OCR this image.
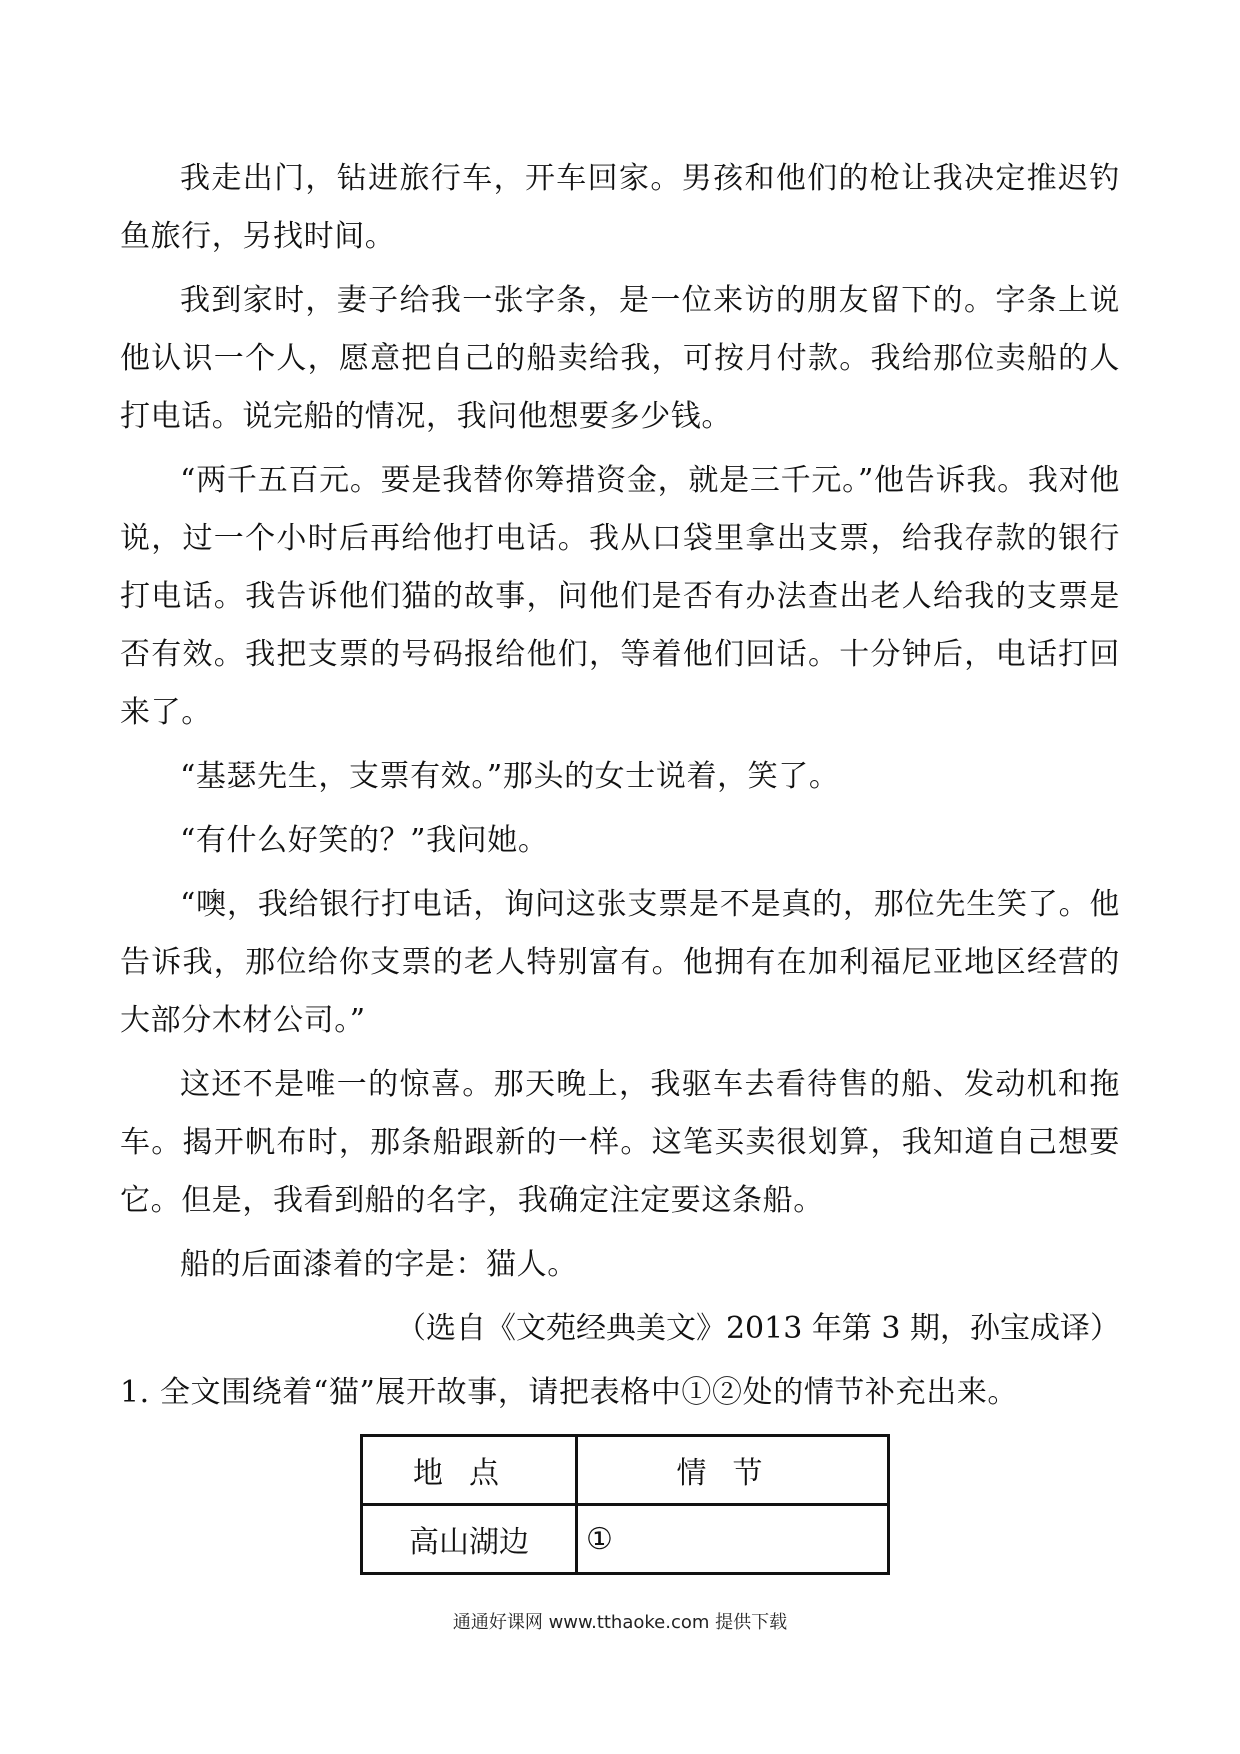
我走出门，钻进旅行车，开车回家。男孩和他们的枪让我决定推迟钓鱼旅行，另找时间。

我到家时，妻子给我一张字条，是一位来访的朋友留下的。字条上说他认识一个人，愿意把自己的船卖给我，可按月付款。我给那位卖船的人打电话。说完船的情况，我问他想要多少钱。

“两千五百元。要是我替你筹措资金，就是三千元。”他告诉我。我对他说，过一个小时后再给他打电话。我从口袋里拿出支票，给我存款的银行打电话。我告诉他们猫的故事，问他们是否有办法查出老人给我的支票是否有效。我把支票的号码报给他们，等着他们回话。十分钟后，电话打回来了。

“基瑟先生，支票有效。”那头的女士说着，笑了。

“有什么好笑的？”我问她。

“噢，我给银行打电话，询问这张支票是不是真的，那位先生笑了。他告诉我，那位给你支票的老人特别富有。他拥有在加利福尼亚地区经营的大部分木材公司。”

这还不是唯一的惊喜。那天晚上，我驱车去看待售的船、发动机和拖车。揭开帆布时，那条船跟新的一样。这笔买卖很划算，我知道自己想要它。但是，我看到船的名字，我确定注定要这条船。

船的后面漆着的字是：猫人。

（选自《文苑经典美文》2013 年第 3 期，孙宝成译）

1. 全文围绕着“猫”展开故事，请把表格中①②处的情节补充出来。

地点	情节
高山湖边	①
通通好课网 www.tthaoke.com 提供下载
